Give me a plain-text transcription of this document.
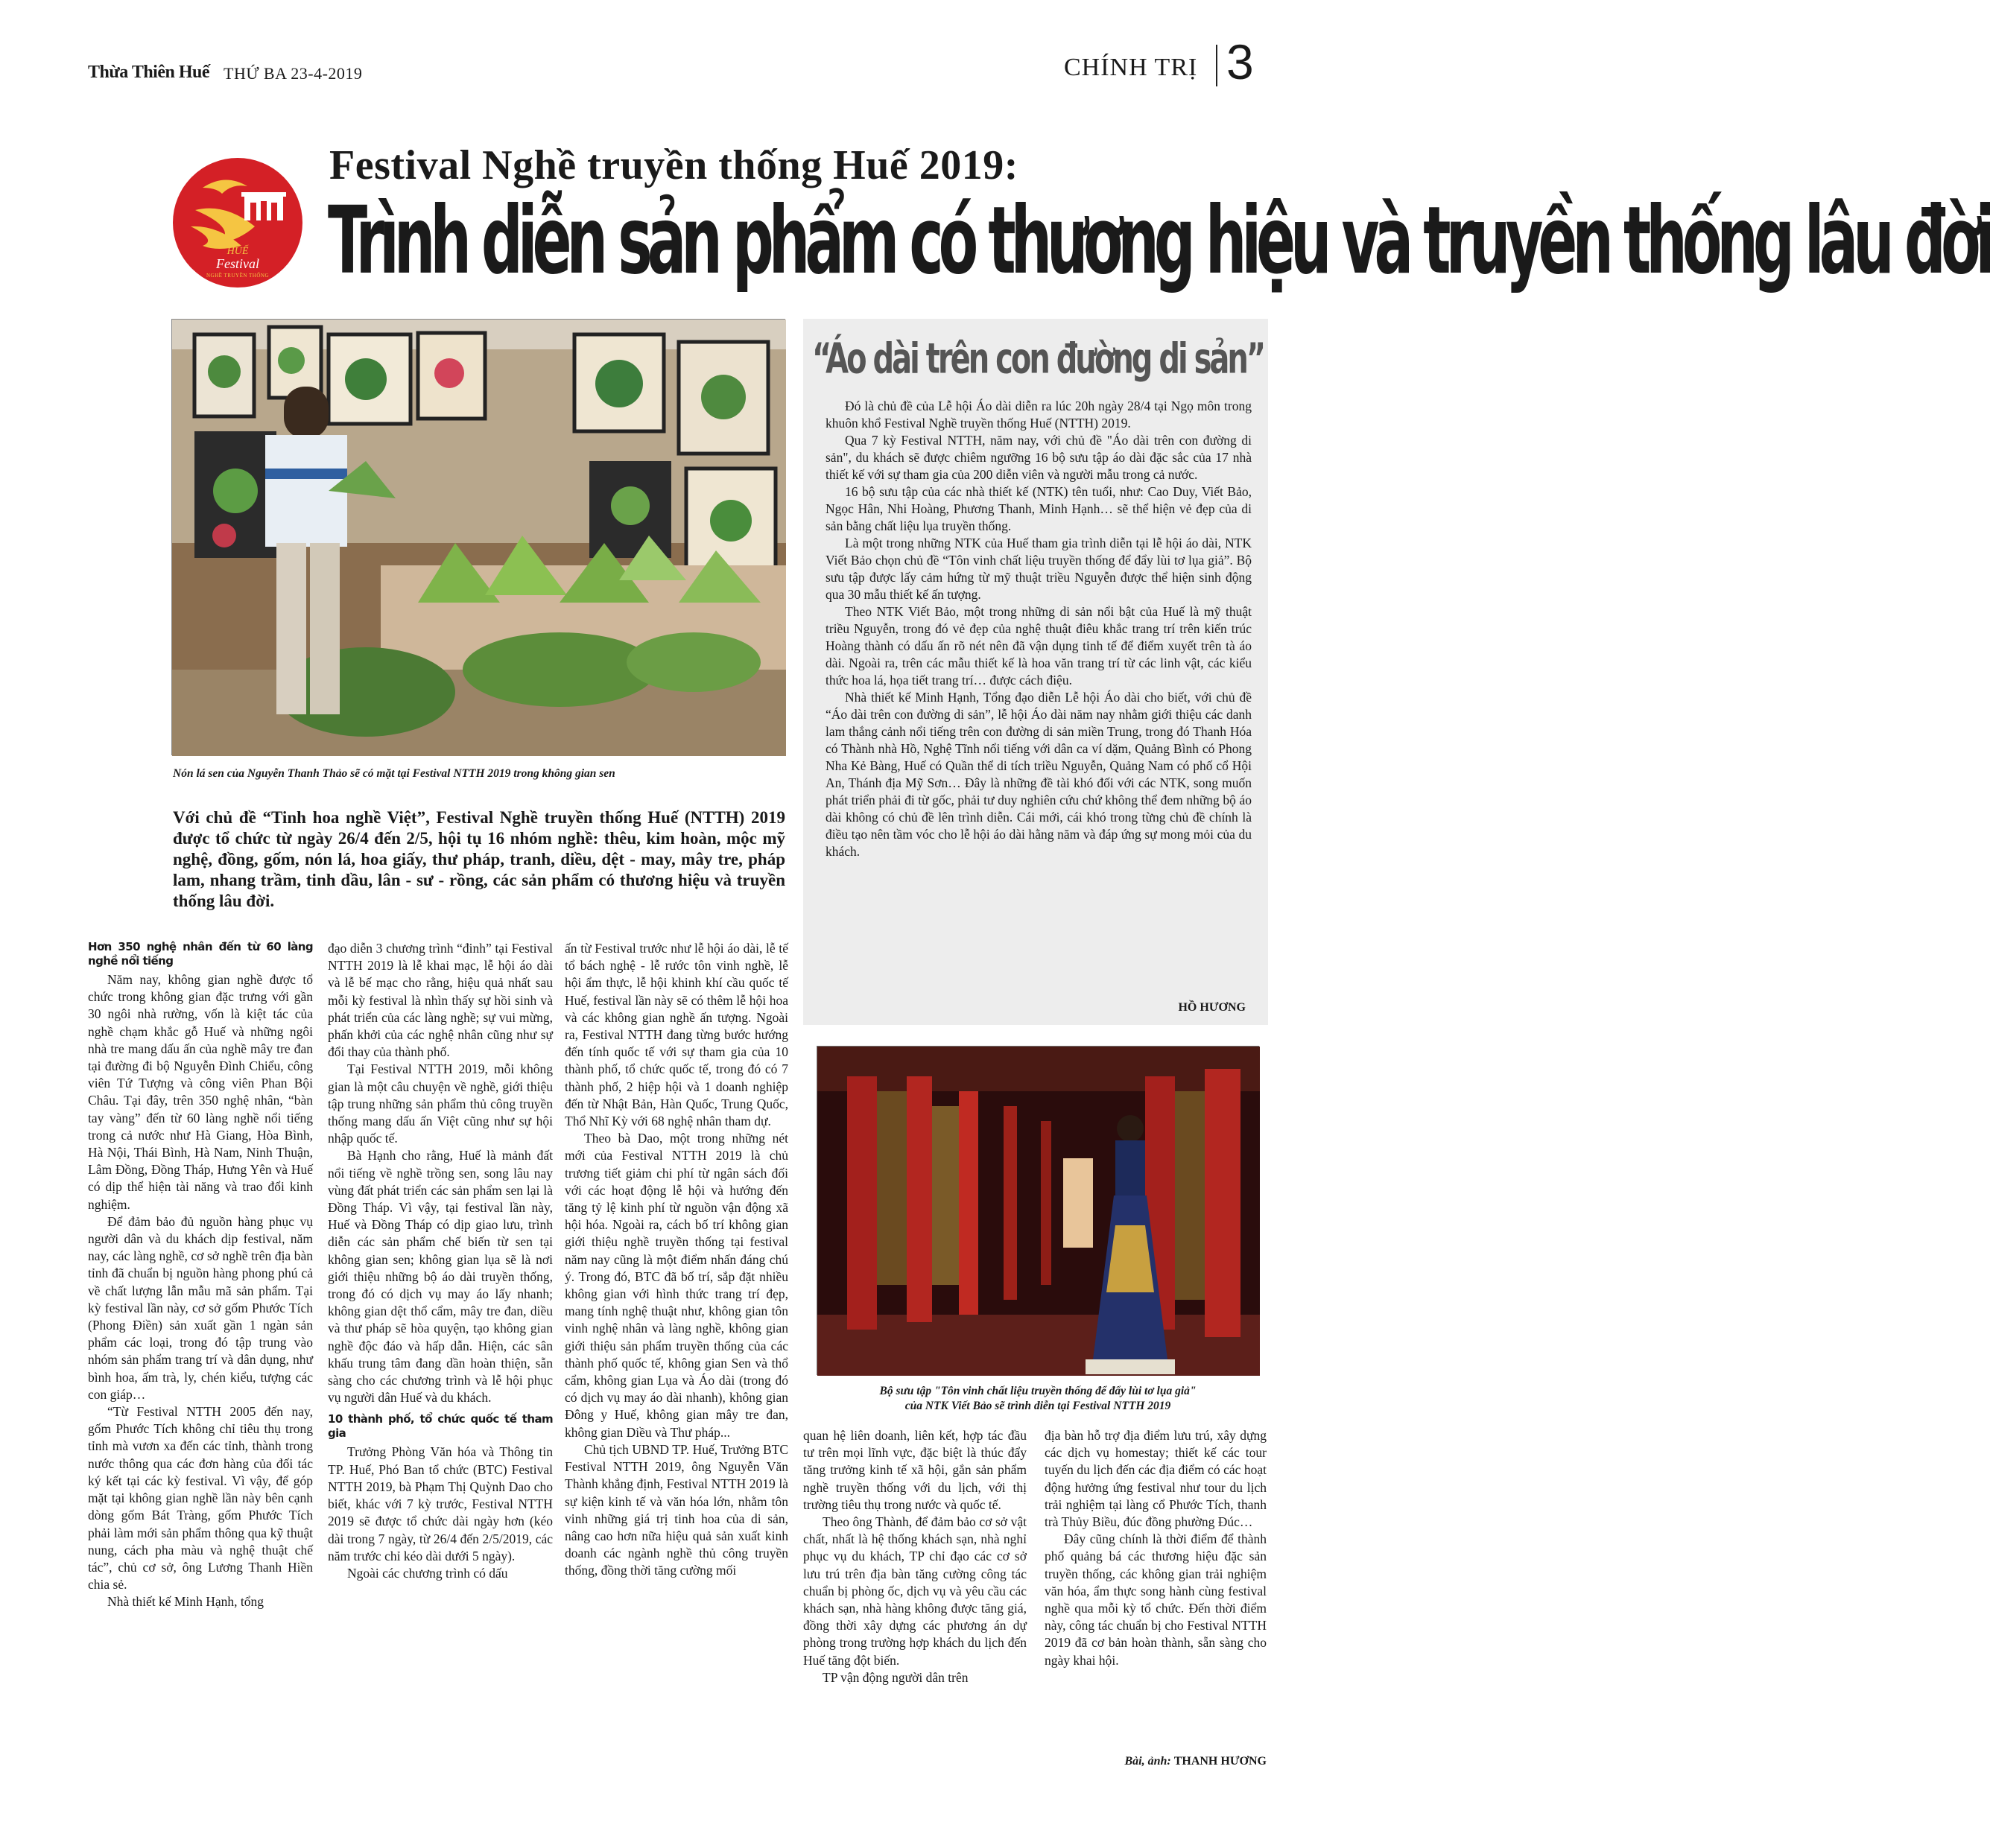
Thừa Thiên Huế THỨ BA 23-4-2019	CHÍNH TRỊ 3
HUẾ
Festival
NGHỀ TRUYỀN THỐNG
Festival Nghề truyền thống Huế 2019:
Trình diễn sản phẩm có thương hiệu và truyền thống lâu đời
Nón lá sen của Nguyễn Thanh Thảo sẽ có mặt tại Festival NTTH 2019 trong không gian sen
Với chủ đề “Tinh hoa nghề Việt”, Festival Nghề truyền thống Huế (NTTH) 2019 được tổ chức từ ngày 26/4 đến 2/5, hội tụ 16 nhóm nghề: thêu, kim hoàn, mộc mỹ nghệ, đồng, gốm, nón lá, hoa giấy, thư pháp, tranh, diều, dệt - may, mây tre, pháp lam, nhang trầm, tinh dầu, lân - sư - rồng, các sản phẩm có thương hiệu và truyền thống lâu đời.
“Áo dài trên con đường di sản”

Đó là chủ đề của Lễ hội Áo dài diễn ra lúc 20h ngày 28/4 tại Ngọ môn trong khuôn khổ Festival Nghề truyền thống Huế (NTTH) 2019.

Qua 7 kỳ Festival NTTH, năm nay, với chủ đề "Áo dài trên con đường di sản", du khách sẽ được chiêm ngưỡng 16 bộ sưu tập áo dài đặc sắc của 17 nhà thiết kế với sự tham gia của 200 diễn viên và người mẫu trong cả nước.

16 bộ sưu tập của các nhà thiết kế (NTK) tên tuổi, như: Cao Duy, Viết Bảo, Ngọc Hân, Nhi Hoàng, Phương Thanh, Minh Hạnh… sẽ thể hiện vẻ đẹp của di sản bằng chất liệu lụa truyền thống.

Là một trong những NTK của Huế tham gia trình diễn tại lễ hội áo dài, NTK Viết Bảo chọn chủ đề “Tôn vinh chất liệu truyền thống để đẩy lùi tơ lụa giả”. Bộ sưu tập được lấy cảm hứng từ mỹ thuật triều Nguyễn được thể hiện sinh động qua 30 mẫu thiết kế ấn tượng.

Theo NTK Viết Bảo, một trong những di sản nổi bật của Huế là mỹ thuật triều Nguyễn, trong đó vẻ đẹp của nghệ thuật điêu khắc trang trí trên kiến trúc Hoàng thành có dấu ấn rõ nét nên đã vận dụng tinh tế để điểm xuyết trên tà áo dài. Ngoài ra, trên các mẫu thiết kế là hoa văn trang trí từ các linh vật, các kiểu thức hoa lá, họa tiết trang trí… được cách điệu.

Nhà thiết kế Minh Hạnh, Tổng đạo diễn Lễ hội Áo dài cho biết, với chủ đề “Áo dài trên con đường di sản”, lễ hội Áo dài năm nay nhằm giới thiệu các danh lam thắng cảnh nổi tiếng trên con đường di sản miền Trung, trong đó Thanh Hóa có Thành nhà Hồ, Nghệ Tĩnh nổi tiếng với dân ca ví dặm, Quảng Bình có Phong Nha Kẻ Bàng, Huế có Quần thể di tích triều Nguyễn, Quảng Nam có phố cổ Hội An, Thánh địa Mỹ Sơn… Đây là những đề tài khó đối với các NTK, song muốn phát triển phải đi từ gốc, phải tư duy nghiên cứu chứ không thể đem những bộ áo dài không có chủ đề lên trình diễn. Cái mới, cái khó trong từng chủ đề chính là điều tạo nên tầm vóc cho lễ hội áo dài hằng năm và đáp ứng sự mong mỏi của du khách.

HỒ HƯƠNG
Bộ sưu tập "Tôn vinh chất liệu truyền thống để đẩy lùi tơ lụa giả"
của NTK Viết Bảo sẽ trình diễn tại Festival NTTH 2019
Hơn 350 nghệ nhân đến từ 60 làng nghề nổi tiếng

Năm nay, không gian nghề được tổ chức trong không gian đặc trưng với gần 30 ngôi nhà rường, vốn là kiệt tác của nghề chạm khắc gỗ Huế và những ngôi nhà tre mang dấu ấn của nghề mây tre đan tại đường đi bộ Nguyễn Đình Chiểu, công viên Tứ Tượng và công viên Phan Bội Châu. Tại đây, trên 350 nghệ nhân, “bàn tay vàng” đến từ 60 làng nghề nổi tiếng trong cả nước như Hà Giang, Hòa Bình, Hà Nội, Thái Bình, Hà Nam, Ninh Thuận, Lâm Đồng, Đồng Tháp, Hưng Yên và Huế có dịp thể hiện tài năng và trao đổi kinh nghiệm.

Để đảm bảo đủ nguồn hàng phục vụ người dân và du khách dịp festival, năm nay, các làng nghề, cơ sở nghề trên địa bàn tỉnh đã chuẩn bị nguồn hàng phong phú cả về chất lượng lẫn mẫu mã sản phẩm. Tại kỳ festival lần này, cơ sở gốm Phước Tích (Phong Điền) sản xuất gần 1 ngàn sản phẩm các loại, trong đó tập trung vào nhóm sản phẩm trang trí và dân dụng, như bình hoa, ấm trà, ly, chén kiểu, tượng các con giáp…

“Từ Festival NTTH 2005 đến nay, gốm Phước Tích không chỉ tiêu thụ trong tỉnh mà vươn xa đến các tỉnh, thành trong nước thông qua các đơn hàng của đối tác ký kết tại các kỳ festival. Vì vậy, để góp mặt tại không gian nghề lần này bên cạnh dòng gốm Bát Tràng, gốm Phước Tích phải làm mới sản phẩm thông qua kỹ thuật nung, cách pha màu và nghệ thuật chế tác”, chủ cơ sở, ông Lương Thanh Hiền chia sẻ.

Nhà thiết kế Minh Hạnh, tổng

đạo diễn 3 chương trình “đinh” tại Festival NTTH 2019 là lễ khai mạc, lễ hội áo dài và lễ bế mạc cho rằng, hiệu quả nhất sau mỗi kỳ festival là nhìn thấy sự hồi sinh và phát triển của các làng nghề; sự vui mừng, phấn khởi của các nghệ nhân cũng như sự đổi thay của thành phố.

Tại Festival NTTH 2019, mỗi không gian là một câu chuyện về nghề, giới thiệu tập trung những sản phẩm thủ công truyền thống mang dấu ấn Việt cũng như sự hội nhập quốc tế.

Bà Hạnh cho rằng, Huế là mảnh đất nổi tiếng về nghề trồng sen, song lâu nay vùng đất phát triển các sản phẩm sen lại là Đồng Tháp. Vì vậy, tại festival lần này, Huế và Đồng Tháp có dịp giao lưu, trình diễn các sản phẩm chế biến từ sen tại không gian sen; không gian lụa sẽ là nơi giới thiệu những bộ áo dài truyền thống, trong đó có dịch vụ may áo lấy nhanh; không gian dệt thổ cẩm, mây tre đan, diều và thư pháp sẽ hòa quyện, tạo không gian nghề độc đáo và hấp dẫn. Hiện, các sân khấu trung tâm đang dần hoàn thiện, sẵn sàng cho các chương trình và lễ hội phục vụ người dân Huế và du khách.

10 thành phố, tổ chức quốc tế tham gia

Trưởng Phòng Văn hóa và Thông tin TP. Huế, Phó Ban tổ chức (BTC) Festival NTTH 2019, bà Phạm Thị Quỳnh Dao cho biết, khác với 7 kỳ trước, Festival NTTH 2019 sẽ được tổ chức dài ngày hơn (kéo dài trong 7 ngày, từ 26/4 đến 2/5/2019, các năm trước chỉ kéo dài dưới 5 ngày).

Ngoài các chương trình có dấu

ấn từ Festival trước như lễ hội áo dài, lễ tế tổ bách nghệ - lễ rước tôn vinh nghề, lễ hội ẩm thực, lễ hội khinh khí cầu quốc tế Huế, festival lần này sẽ có thêm lễ hội hoa và các không gian nghề ấn tượng. Ngoài ra, Festival NTTH đang từng bước hướng đến tính quốc tế với sự tham gia của 10 thành phố, tổ chức quốc tế, trong đó có 7 thành phố, 2 hiệp hội và 1 doanh nghiệp đến từ Nhật Bản, Hàn Quốc, Trung Quốc, Thổ Nhĩ Kỳ với 68 nghệ nhân tham dự.

Theo bà Dao, một trong những nét mới của Festival NTTH 2019 là chủ trương tiết giảm chi phí từ ngân sách đối với các hoạt động lễ hội và hướng đến tăng tỷ lệ kinh phí từ nguồn vận động xã hội hóa. Ngoài ra, cách bố trí không gian giới thiệu nghề truyền thống tại festival năm nay cũng là một điểm nhấn đáng chú ý. Trong đó, BTC đã bố trí, sắp đặt nhiều không gian với hình thức trang trí đẹp, mang tính nghệ thuật như, không gian tôn vinh nghệ nhân và làng nghề, không gian giới thiệu sản phẩm truyền thống của các thành phố quốc tế, không gian Sen và thổ cẩm, không gian Lụa và Áo dài (trong đó có dịch vụ may áo dài nhanh), không gian Đông y Huế, không gian mây tre đan, không gian Diều và Thư pháp...

Chủ tịch UBND TP. Huế, Trưởng BTC Festival NTTH 2019, ông Nguyễn Văn Thành khẳng định, Festival NTTH 2019 là sự kiện kinh tế và văn hóa lớn, nhằm tôn vinh những giá trị tinh hoa của di sản, nâng cao hơn nữa hiệu quả sản xuất kinh doanh các ngành nghề thủ công truyền thống, đồng thời tăng cường mối

quan hệ liên doanh, liên kết, hợp tác đầu tư trên mọi lĩnh vực, đặc biệt là thúc đẩy tăng trưởng kinh tế xã hội, gắn sản phẩm nghề truyền thống với du lịch, với thị trường tiêu thụ trong nước và quốc tế.

Theo ông Thành, để đảm bảo cơ sở vật chất, nhất là hệ thống khách sạn, nhà nghỉ phục vụ du khách, TP chỉ đạo các cơ sở lưu trú trên địa bàn tăng cường công tác chuẩn bị phòng ốc, dịch vụ và yêu cầu các khách sạn, nhà hàng không được tăng giá, đồng thời xây dựng các phương án dự phòng trong trường hợp khách du lịch đến Huế tăng đột biến.

TP vận động người dân trên

địa bàn hỗ trợ địa điểm lưu trú, xây dựng các dịch vụ homestay; thiết kế các tour tuyến du lịch đến các địa điểm có các hoạt động hưởng ứng festival như tour du lịch trải nghiệm tại làng cổ Phước Tích, thanh trà Thủy Biều, đúc đồng phường Đúc…

Đây cũng chính là thời điểm để thành phố quảng bá các thương hiệu đặc sản truyền thống, các không gian trải nghiệm văn hóa, ẩm thực song hành cùng festival nghề qua mỗi kỳ tổ chức. Đến thời điểm này, công tác chuẩn bị cho Festival NTTH 2019 đã cơ bản hoàn thành, sẵn sàng cho ngày khai hội.

Bài, ảnh: THANH HƯƠNG
